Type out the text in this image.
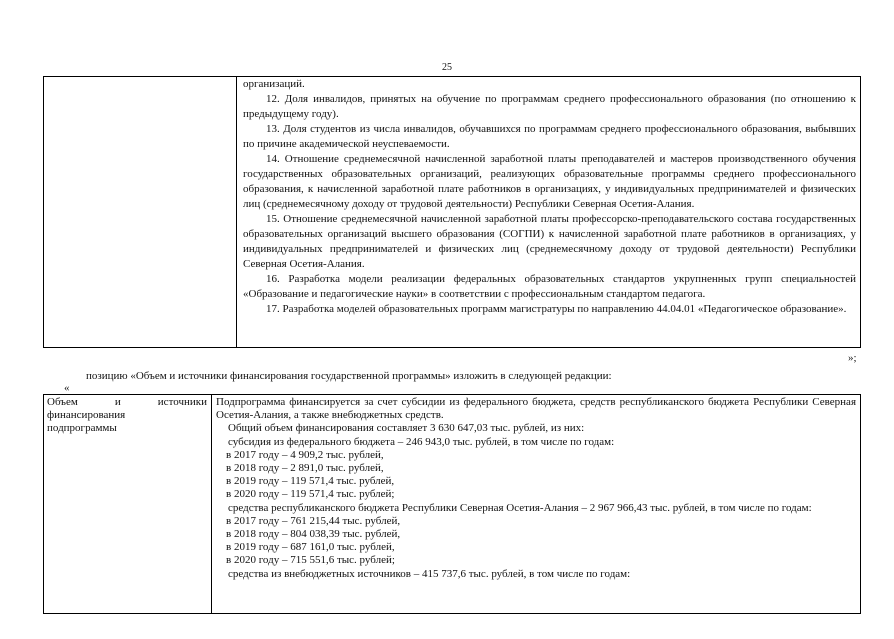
25

организаций.

12. Доля инвалидов, принятых на обучение по программам среднего профессионального образования (по отношению к предыдущему году).

13. Доля студентов из числа инвалидов, обучавшихся по программам среднего профессионального образования, выбывших по причине академической неуспеваемости.

14. Отношение среднемесячной начисленной заработной платы преподавателей и мастеров производственного обучения государственных образовательных организаций, реализующих образовательные программы среднего профессионального образования, к начисленной заработной плате работников в организациях, у индивидуальных предпринимателей и физических лиц (среднемесячному доходу от трудовой деятельности) Республики Северная Осетия-Алания.

15. Отношение среднемесячной начисленной заработной платы профессорско-преподавательского состава государственных образовательных организаций высшего образования (СОГПИ) к начисленной заработной плате работников в организациях, у индивидуальных предпринимателей и физических лиц (среднемесячному доходу от трудовой деятельности) Республики Северная Осетия-Алания.

16. Разработка модели реализации федеральных образовательных стандартов укрупненных групп специальностей «Образование и педагогические науки» в соответствии с профессиональным стандартом педагога.

17. Разработка моделей образовательных программ магистратуры по направлению 44.04.01 «Педагогическое образование».

»;
позицию «Объем и источники финансирования государственной программы» изложить в следующей редакции:
«
Объем	и	источники
финансирования
подпрограммы

Подпрограмма финансируется за счет субсидии из федерального бюджета, средств республиканского бюджета Республики Северная Осетия-Алания, а также внебюджетных средств.

Общий объем финансирования составляет 3 630 647,03 тыс. рублей, из них:

субсидия из федерального бюджета – 246 943,0 тыс. рублей, в том числе по годам:

в 2017 году – 4 909,2 тыс. рублей,

в 2018 году – 2 891,0 тыс. рублей,

в 2019 году – 119 571,4 тыс. рублей,

в 2020 году – 119 571,4 тыс. рублей;

средства республиканского бюджета Республики Северная Осетия-Алания – 2 967 966,43 тыс. рублей, в том числе по годам:

в 2017 году – 761 215,44 тыс. рублей,

в 2018 году – 804 038,39 тыс. рублей,

в 2019 году – 687 161,0 тыс. рублей,

в 2020 году – 715 551,6 тыс. рублей;

средства из внебюджетных источников – 415 737,6 тыс. рублей, в том числе по годам:
